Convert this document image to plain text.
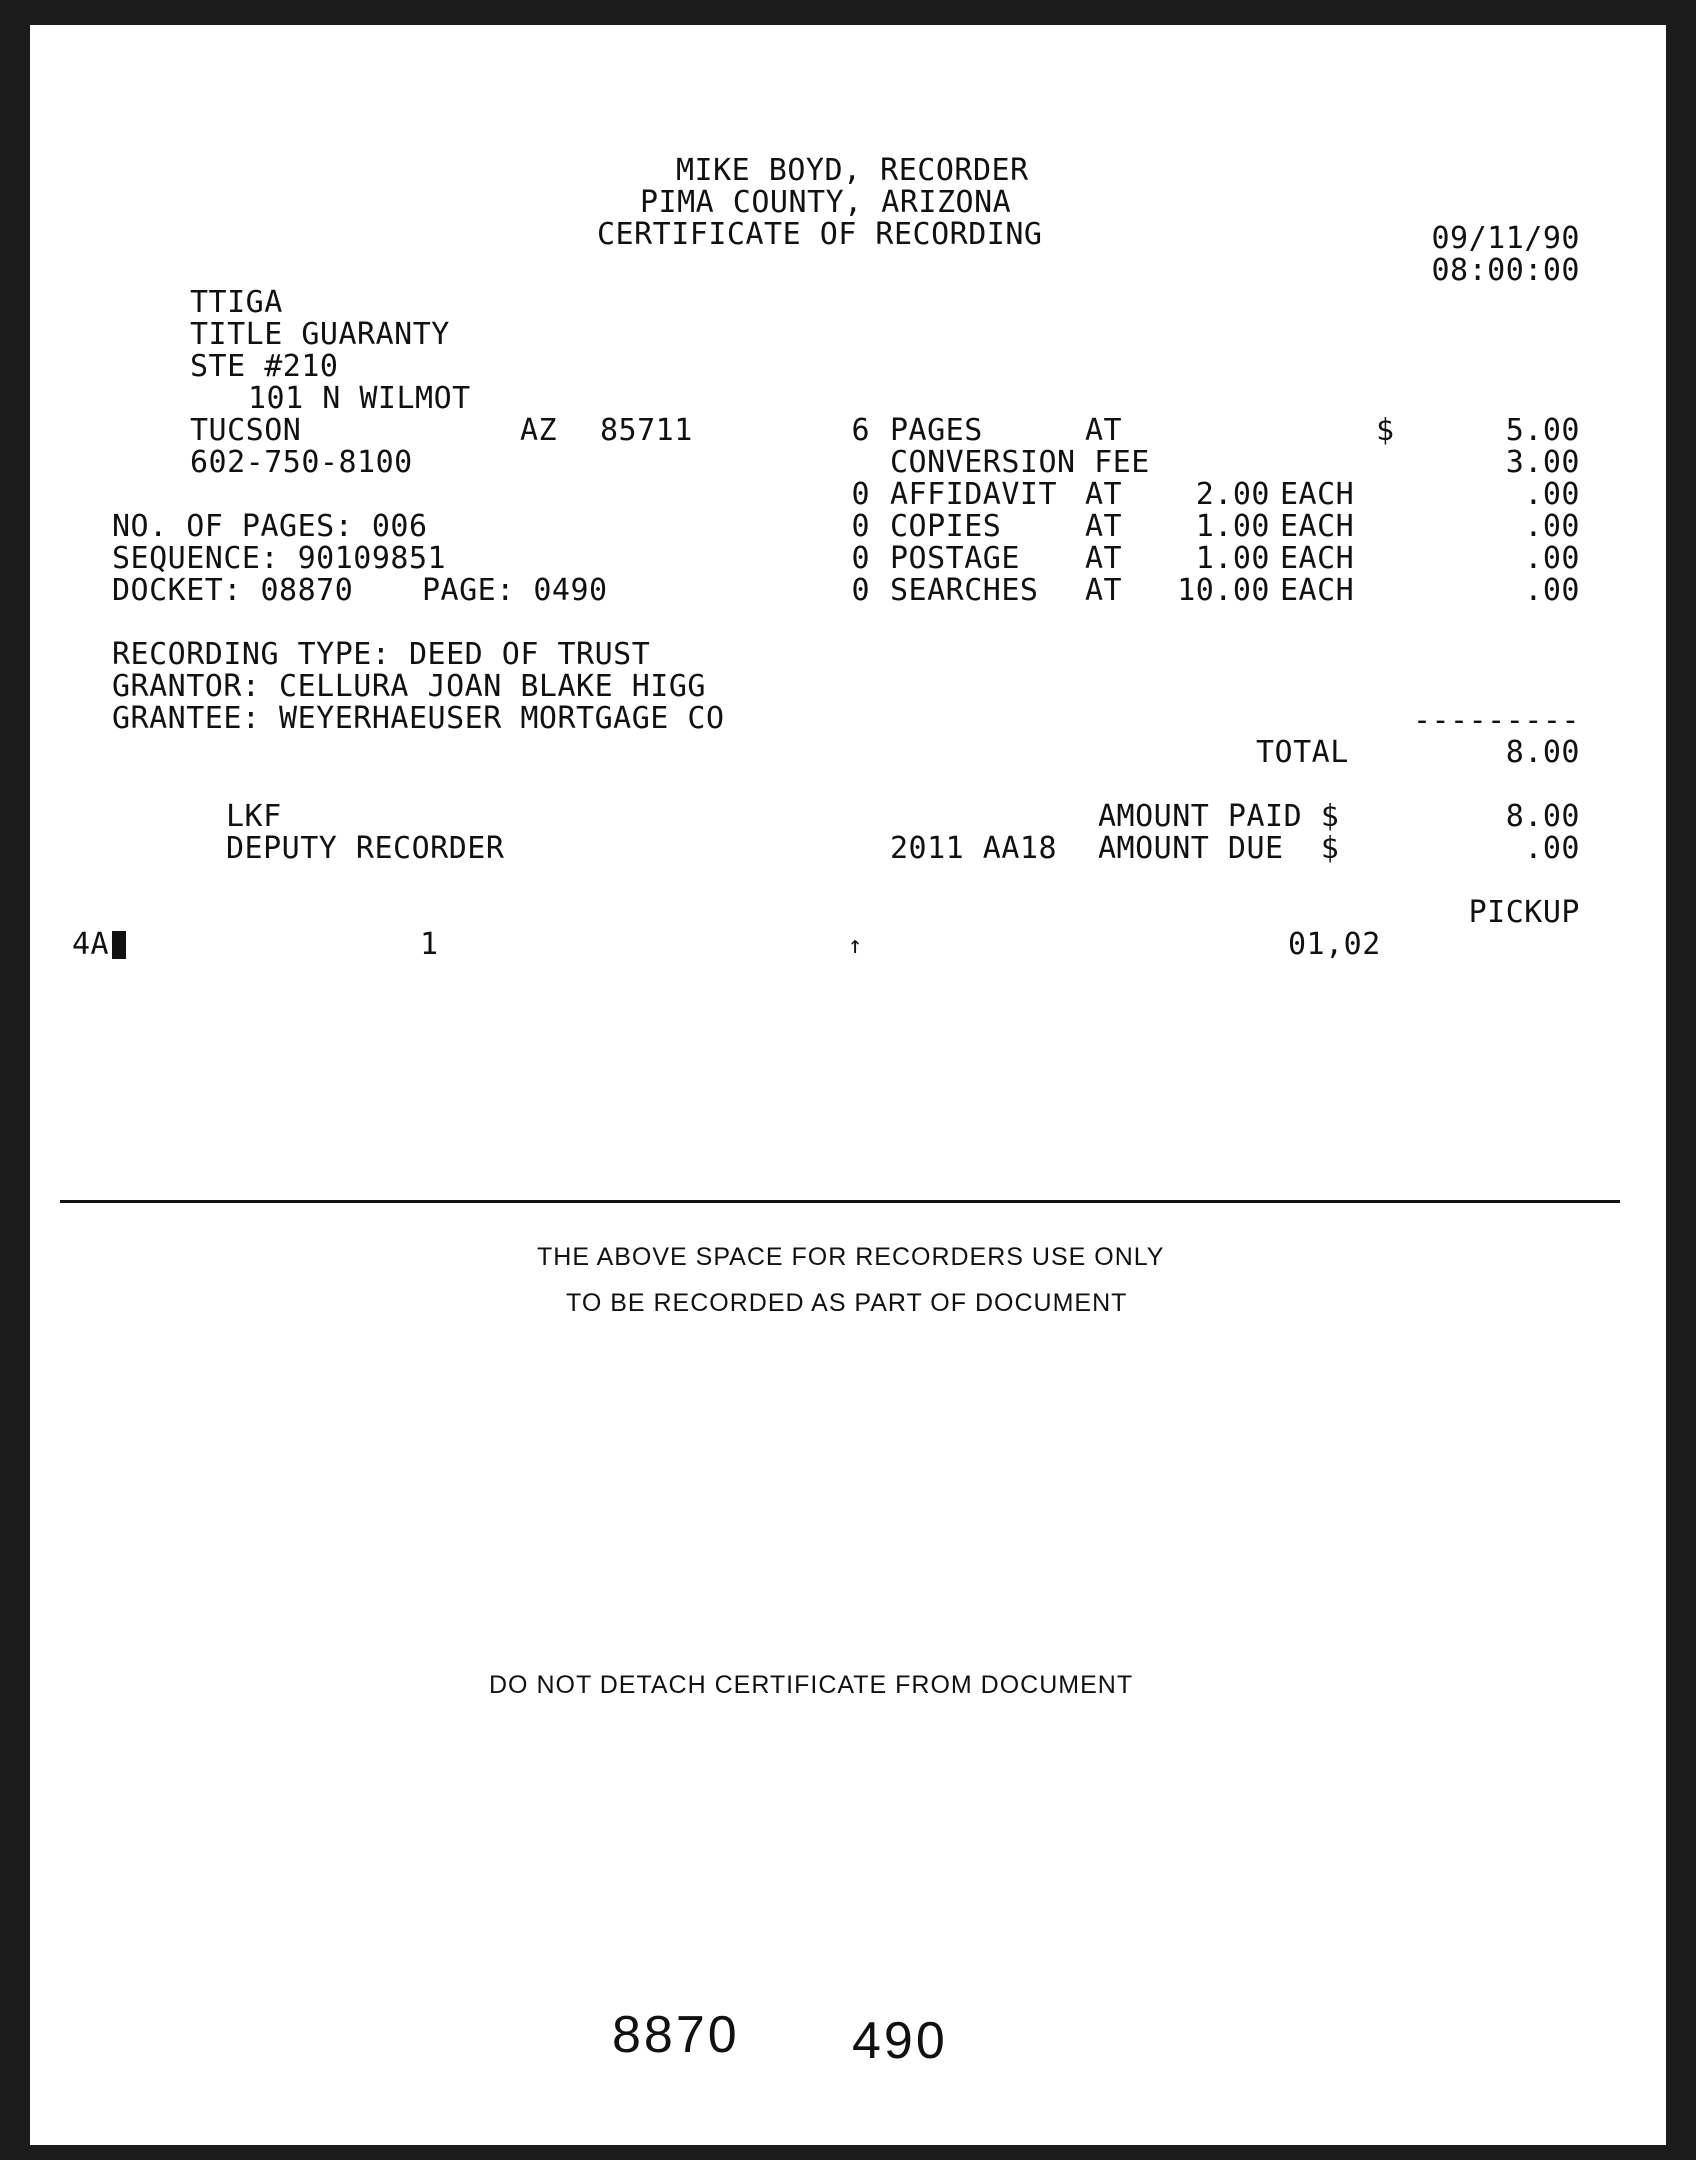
MIKE BOYD, RECORDER
PIMA COUNTY, ARIZONA
CERTIFICATE OF RECORDING	09/11/90
08:00:00
TTIGA
TITLE GUARANTY
STE #210
101 N WILMOT
TUCSON	AZ 85711
602-750-8100
NO. OF PAGES: 006
SEQUENCE: 90109851
DOCKET: 08870 PAGE: 0490
RECORDING TYPE: DEED OF TRUST
GRANTOR: CELLURA JOAN BLAKE HIGG
GRANTEE: WEYERHAEUSER MORTGAGE CO
6 PAGES	AT	$	5.00
CONVERSION FEE	3.00
0 AFFIDAVIT AT	2.00 EACH	.00
0 COPIES	AT	1.00 EACH	.00
0 POSTAGE AT	1.00 EACH	.00
0 SEARCHES AT	10.00 EACH	.00
---------
TOTAL	8.00
LKF	AMOUNT PAID $	8.00
DEPUTY RECORDER	2011 AA18 AMOUNT DUE  $	.00
PICKUP
4A	1	↑	01,02
THE ABOVE SPACE FOR RECORDERS USE ONLY
TO BE RECORDED AS PART OF DOCUMENT
DO NOT DETACH CERTIFICATE FROM DOCUMENT
8870 490
